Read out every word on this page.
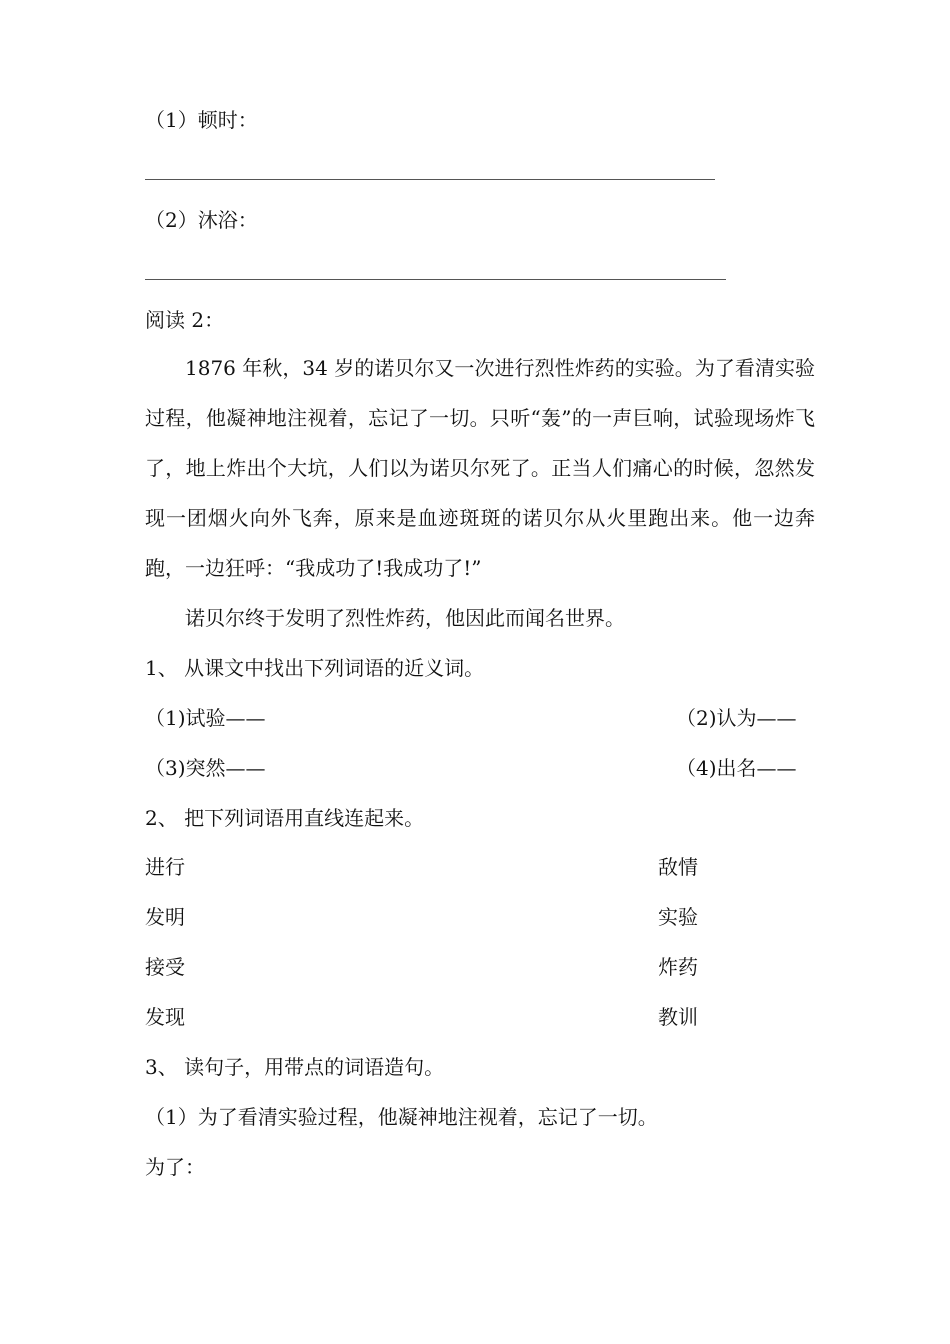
（1）顿时：
（2）沐浴：
阅读 2：
1876 年秋，34 岁的诺贝尔又一次进行烈性炸药的实验。为了看清实验过程，他凝神地注视着，忘记了一切。只听“轰”的一声巨响，试验现场炸飞了，地上炸出个大坑，人们以为诺贝尔死了。正当人们痛心的时候，忽然发现一团烟火向外飞奔，原来是血迹斑斑的诺贝尔从火里跑出来。他一边奔跑，一边狂呼：“我成功了!我成功了!”
诺贝尔终于发明了烈性炸药，他因此而闻名世界。
1、 从课文中找出下列词语的近义词。
（1)试验——	（2)认为——
（3)突然——	（4)出名——
2、 把下列词语用直线连起来。
进行	敌情
发明	实验
接受	炸药
发现	教训
3、 读句子，用带点的词语造句。
（1）为了看清实验过程，他凝神地注视着，忘记了一切。
为了：
